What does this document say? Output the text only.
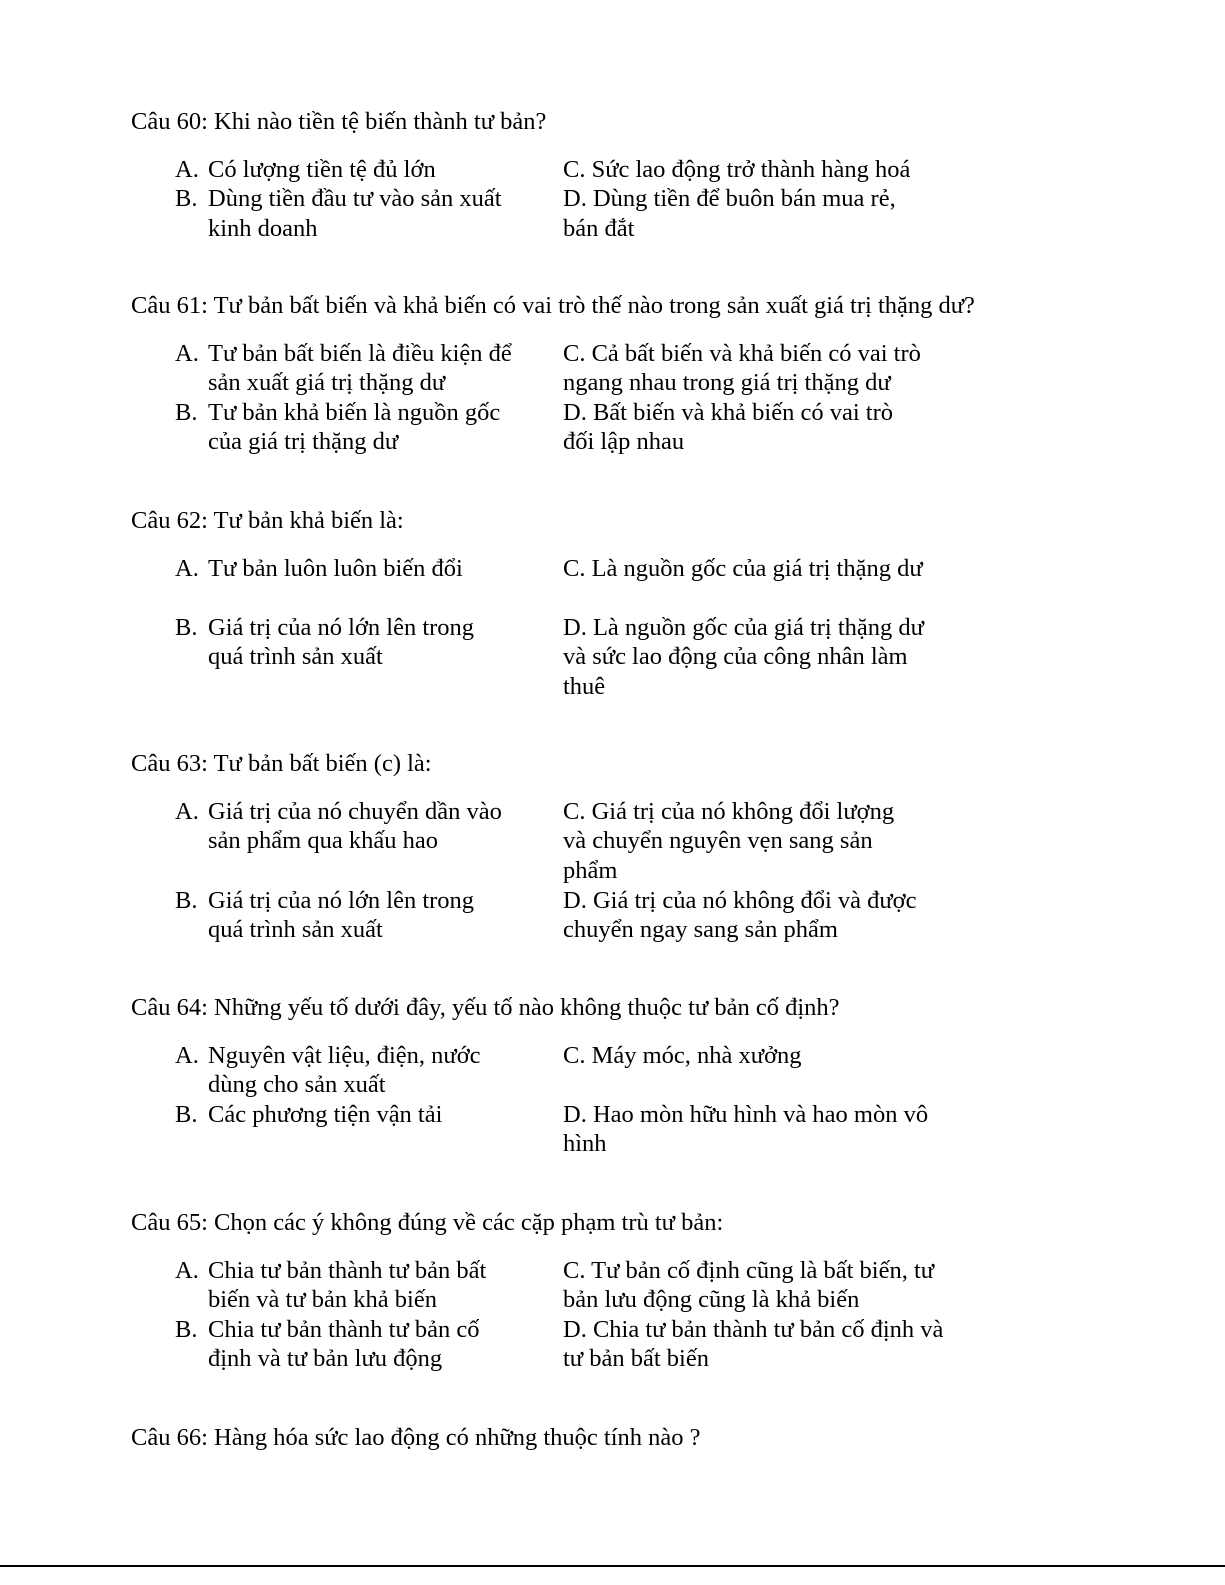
Câu 60: Khi nào tiền tệ biến thành tư bản?
A. Có lượng tiền tệ đủ lớn
B. Dùng tiền đầu tư vào sản xuất kinh doanh
C. Sức lao động trở thành hàng hoá
D. Dùng tiền để buôn bán mua rẻ, bán đắt
Câu 61: Tư bản bất biến và khả biến có vai trò thế nào trong sản xuất giá trị thặng dư?
A. Tư bản bất biến là điều kiện để sản xuất giá trị thặng dư
B. Tư bản khả biến là nguồn gốc của giá trị thặng dư
C. Cả bất biến và khả biến có vai trò ngang nhau trong giá trị thặng dư
D. Bất biến và khả biến có vai trò đối lập nhau
Câu 62: Tư bản khả biến là:
A. Tư bản luôn luôn biến đổi
B. Giá trị của nó lớn lên trong quá trình sản xuất
C. Là nguồn gốc của giá trị thặng dư
D. Là nguồn gốc của giá trị thặng dư và sức lao động của công nhân làm thuê
Câu 63: Tư bản bất biến (c) là:
A. Giá trị của nó chuyển dần vào sản phẩm qua khấu hao
B. Giá trị của nó lớn lên trong quá trình sản xuất
C. Giá trị của nó không đổi lượng và chuyển nguyên vẹn sang sản phẩm
D. Giá trị của nó không đổi và được chuyển ngay sang sản phẩm
Câu 64: Những yếu tố dưới đây, yếu tố nào không thuộc tư bản cố định?
A. Nguyên vật liệu, điện, nước dùng cho sản xuất
B. Các phương tiện vận tải
C. Máy móc, nhà xưởng
D. Hao mòn hữu hình và hao mòn vô hình
Câu 65: Chọn các ý không đúng về các cặp phạm trù tư bản:
A. Chia tư bản thành tư bản bất biến và tư bản khả biến
B. Chia tư bản thành tư bản cố định và tư bản lưu động
C. Tư bản cố định cũng là bất biến, tư bản lưu động cũng là khả biến
D. Chia tư bản thành tư bản cố định và tư bản bất biến
Câu 66: Hàng hóa sức lao động có những thuộc tính nào ?
